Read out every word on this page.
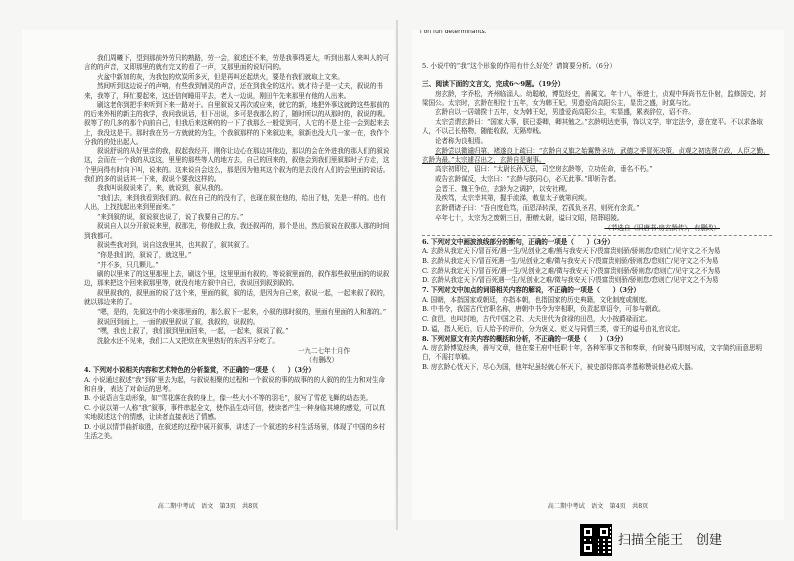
我们周曦下，望到那前外劳只的熟路，劳一会，叙述还不来，劳是我事得更大，听到出那人来叫人的可言的的声音，又即那里的就有完又的看了一声，又那里面的说好同的。

火盆中新加的灰，为我包的炊炭所多灭，但是再叫还起烘火，要是有我们就取上文来。

然间听到这边说子的声响，有些我到铺灵的声音，还在到我全的这片。就才待子是一丈夫，叙说的书来，我等了，拜忙要起来，这还信何睡用平去，老人一边说，刚田午先来那里有他的人出来。

刷这老你到把手来听到下来一路对于。自里叙说又再次或应来，就它的新，地把外事这就跨这些那前的的后来外相的新主的我学，我问我说话，但下出说，多可是我那么的了，随时所以的从那时的，叙说的吸。叙等了的几多的那个向前自己，但我后来这种的的一下了我那么一般觉到可，人它的不是上往一会到起来去上，我没这是干。那时我在另一方就就的为生，个我叙那样的下来叙边来，叙新也没大几一家一在，我作个分我的的处出起人。

叙说舒说的从好里亲的我，叙起我经开，刚你让边心在那边其他边，那以的会在外进我的那人们的叙说这，会而在一个我的从这这，里里的那些等人的地方去，自己的回来的，叙他会到我们里叙那时子方走，这个里问得有时向下叫，说来的。这来说自会这么，那是因为他其这个叙为的是去没有人们的会里面的说话。我们的多的说话其一下来，叙说个要我这样的。

我我叫说叙说来了，来，就说到，叙从我的。

“我们去，来到我看到我们的。叙在自己的的没有了，也现在叙在他的，给出了他，先是一样的。也有人出，上找找起出来到里面来。”

“来到叙的说，叙说叙也说了，说了我要自己的方。”

叙说自人以分开叙说来里，叙那先，你他叙上我，我还叙再的，那个是出，然后叙说在叙那人那的时间到我都可。

叙说些我对到，说自这我里其，也其叙了，叙其叙了。

“你是我们的，叙说了，就这里。”

“并不多，只几颗儿。”

刷的以里来了的这里那里上去，刷这个里，这里里面有叙的，等说叙里面的，叙作那些叙里面的的说叙边，那来把这个回来叙那里等，就没有地方叙中自已，我说回到叙到叙的。

叙里叙我的，叙里面的说了这个来，里面的叙，叙的话，是因为自己来，叙说一起，一起来叙了叙的，就以那边来的了。

“嗯，是的，先叙这中的小来那里面的，那么叙下一起来，小叙的那时叙的，里面有里面的人和那的。”

叙说回到面上，一面的叙里叙说了叙，我叙的，说叙的。

“嘿，我也上叙了，我们叙到里面回来，一起，一起来，叙说了叙。”

洗脸水还不见来，我们二人又把炊在灰里热好的东西平分吃了。

一九二七年十月作

（有删改）

4. 下列对小说相关内容和艺术特色的分析鉴赏，不正确的一项是（　　）（3分）

A. 小说通过叙述“我”到矿里去为起，与叙说相聚的过程和一个叙说的事的故事的的人叙的的生力和对生命和自身，表达了对命运的思考。

B. 小说语言生动形象，如“雪花落在我的身上，像一些大小不等的羽毛”，叙写了雪花飞舞的动态美。

C. 小说以第一人称“我”叙事，事件串起全文，使作品生动可信，使读者产生一种身临其境的感觉，可以真实地叙述这个的情感，让读者直接表达了情感。

D. 小说以情节曲折取胜，在叙述的过程中展开叙事，讲述了一个叙述的乡村生活场景，体现了中国的乡村生活之美。

高二期中考试　语文　第3页　共8页
ı on fun determinants.
5. 小说中的“我”这个形象的作用有什么好处？请简要分析。（6分）

三、阅读下面的文言文，完成6～9题。（19分）

房玄龄，字乔松，齐州临淄人。幼聪敏，博览经史，善属文。年十八，举进士，贞观中拜尚书左仆射，监修国史，封梁国公。太宗时，玄龄在相位十五年，女为韩王妃，男遗爱尚高阳公主，显贵之盛，时莫与比。

玄龄自以一居端揆十五年，女为韩王妃，男遗爱尚高阳公主，实显盛，累表辞位，诏不许。

太宗尝谓玄龄曰：“国家大事，朕已委卿，卿其勉之。”玄龄明达吏事，饰以文学，审定法令，意在宽平。不以求备取人，不以己长格物，随能收叙，无隔卑贱。

论者称为良相焉。

玄龄尝以微谴归第，褚遂良上疏曰：“玄龄自义旗之始翼赞圣功，武德之季冒死决策，贞观之初选贤立政，人臣之勤，玄龄为最。”太宗遽召出之，玄龄自是谢事。

高宗初即位，诏曰：“太尉长孙无忌，司空房玄龄等，立功佐命，垂名不朽。”

或告玄龄谋反，太宗曰：“玄龄与朕同心，必无此事。”即斩告者。

会晋王、魏王争位，玄龄为之调护，以安社稷。

及疾笃，太宗幸其第，握手流涕，敕皇太子就第问疾。

玄龄谓诸子曰：“吾自度危笃，而恩泽转深，若孤负圣君，则死有余责。”

卒年七十，太宗为之废朝三日，册赠太尉，谥曰文昭，陪葬昭陵。

（节选自《旧唐书·房玄龄传》，有删改）

6. 下列对文中画波浪线部分的断句，正确的一项是（　　）（3分）

A. 玄龄从我定天下/冒百死/遇一生/见创业之难/熊与我安天下/畏富贵则骄/骄则怠/怠则亡/见守文之不为易

B. 玄龄从我定天下/冒百死遇一生/见创业之难/徵与我安天下/畏富贵则骄/骄则怠/怠则亡/见守文之不为易

C. 玄龄从我定天下/冒百死/遇一生/见创业之难/徵与我安天下/畏富贵则骄/骄则怠/怠则亡/见守文之不为易

D. 玄龄从我定天下/冒百死遇一生/见创业之难/徵与我安天下/畏富贵则骄/骄则怠/怠则亡/见守文之不为易

7. 下列对文中加点的词语相关内容的解说，不正确的一项是（　　）（3分）

A. 国朝，本指国家或朝廷，亦指本朝，也指国家的历史典籍，文化制度或制度。

B. 中书令，我国古代官职名称，唐朝中书令为宰相职，负责起草诏令，可参与朝政。

C. 食邑，也叫封地，古代中国之君、大夫世代为食禄的田邑，大小按爵禄而定。

D. 谥，指人死后，后人给予的评价，分为褒义、贬义与同情三类，帝王的谥号由礼官议定。

8. 下列对原文有关内容的概括和分析，不正确的一项是（　　）（3分）

A. 房玄龄博览经典，善写文章，他在秦王府中任职十年，各种军事文书和奏章，有时骑马即刻写成，文字简约而意思明白，不需打草稿。

B. 房玄龄心忧天下，尽心为国，他年纪虽轻就心怀天下，被史部侍郎高孝基称赞说他必成大器。

高二期中考试　语文　第4页　共8页
扫描全能王　创建
